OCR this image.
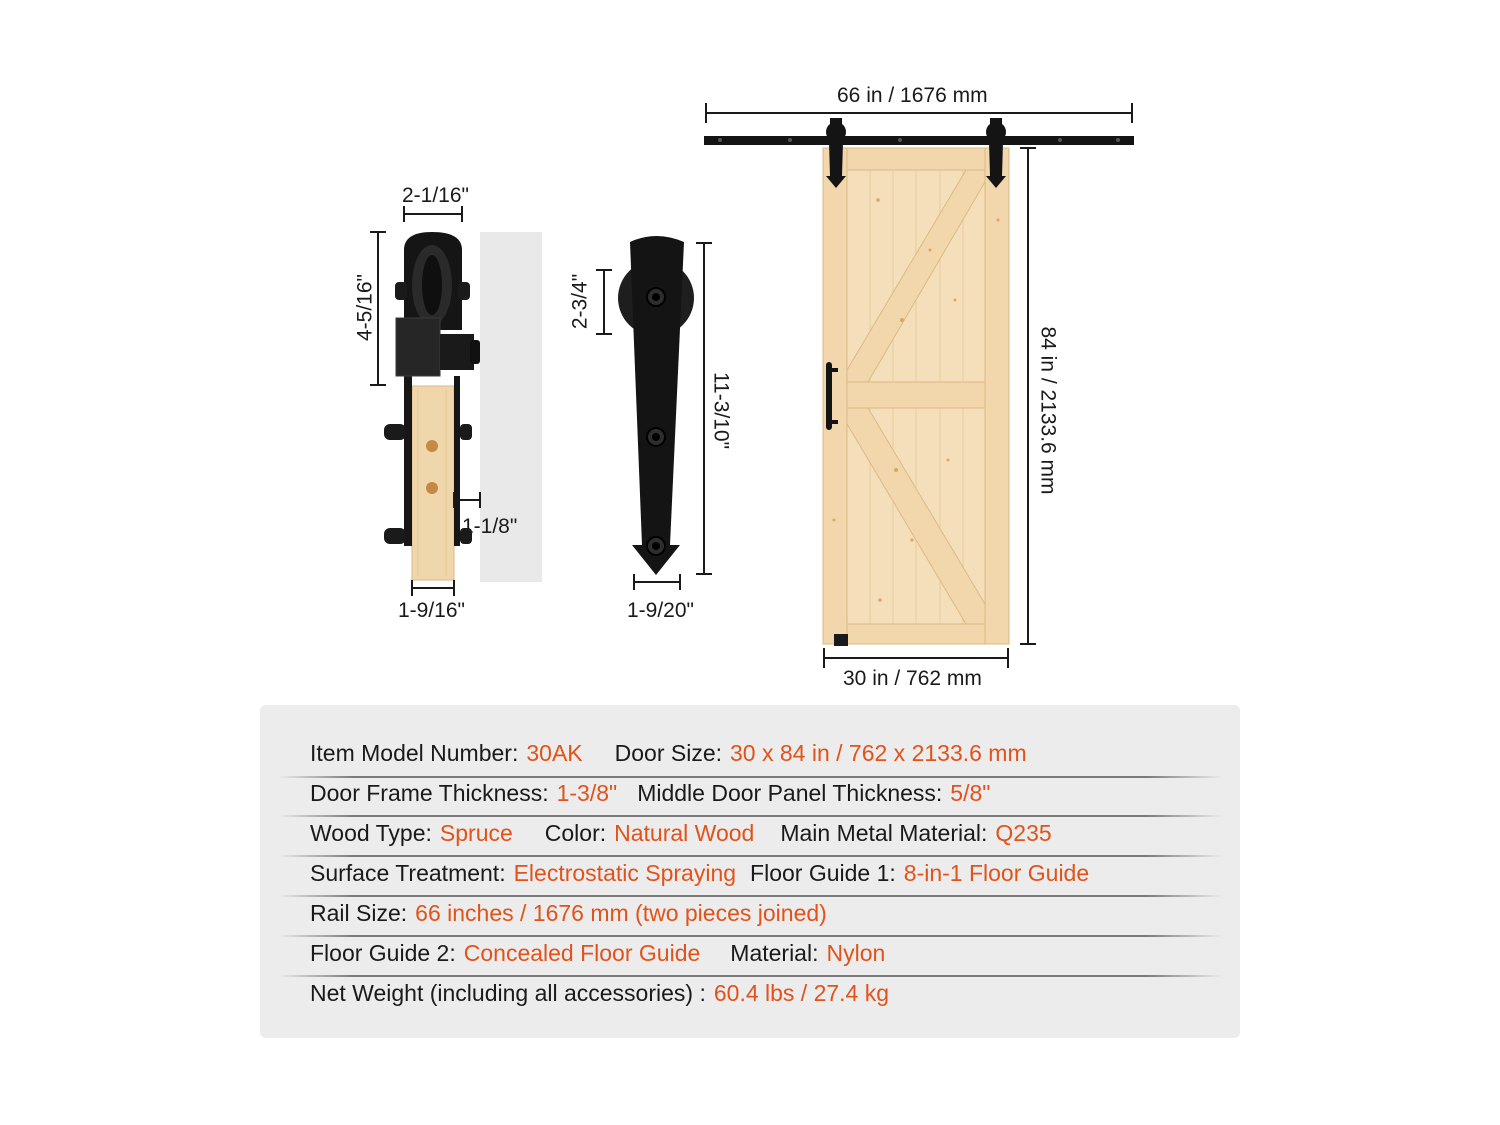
2-1/16"
4-5/16"
1-1/8"
1-9/16"
2-3/4"
11-3/10"
1-9/20"
66 in / 1676 mm
84 in / 2133.6 mm
30 in / 762 mm
Item Model Number: 30AK Door Size: 30 x 84 in / 762 x 2133.6 mm
Door Frame Thickness: 1-3/8" Middle Door Panel Thickness: 5/8"
Wood Type: Spruce Color: Natural Wood Main Metal Material: Q235
Surface Treatment: Electrostatic Spraying Floor Guide 1: 8-in-1 Floor Guide
Rail Size: 66 inches / 1676 mm (two pieces joined)
Floor Guide 2: Concealed Floor Guide Material: Nylon
Net Weight (including all accessories) : 60.4 lbs / 27.4 kg
